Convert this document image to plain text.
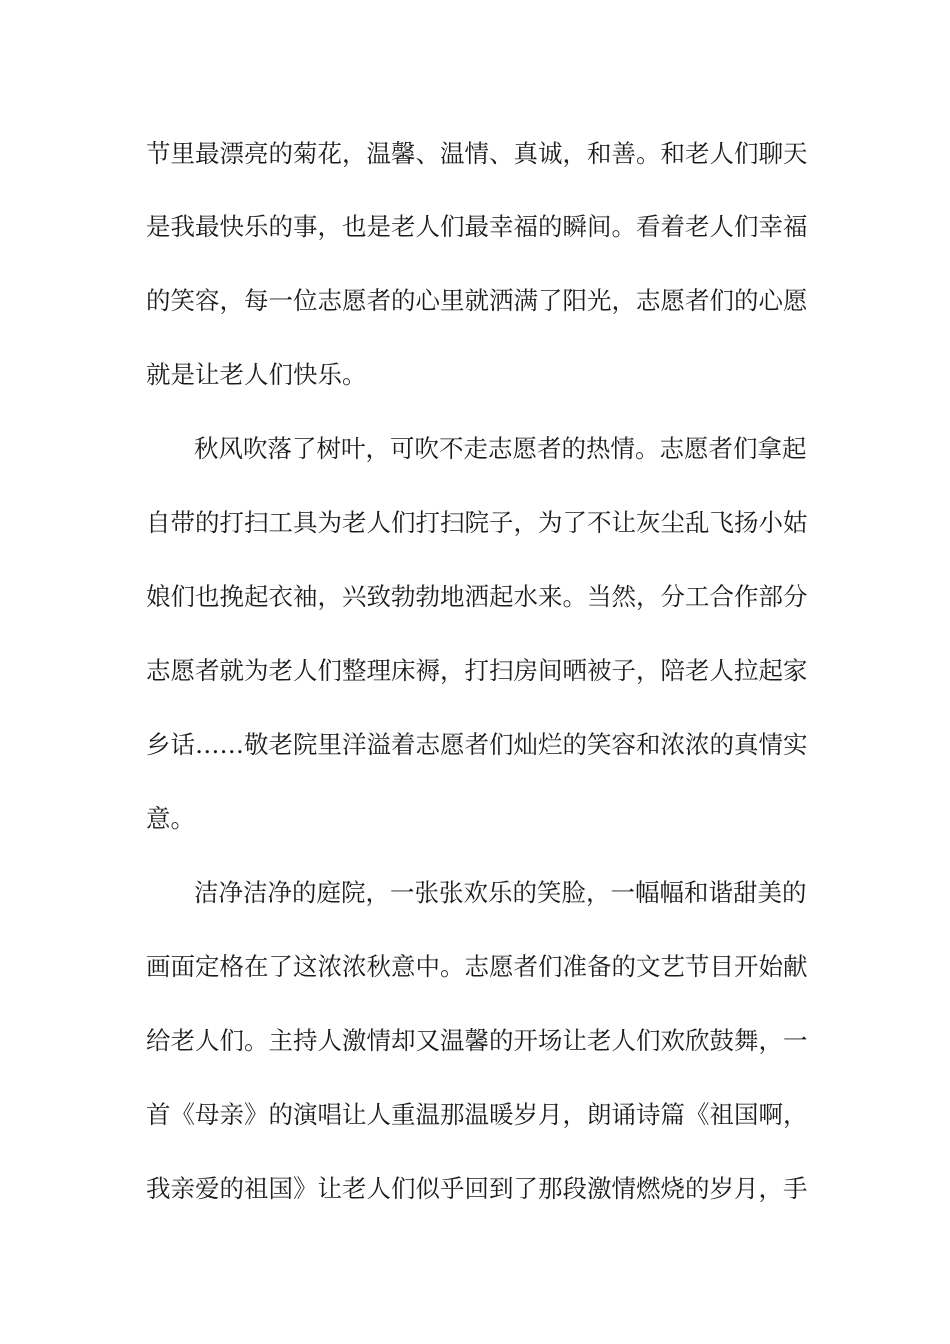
节里最漂亮的菊花，温馨、温情、真诚，和善。和老人们聊天
是我最快乐的事，也是老人们最幸福的瞬间。看着老人们幸福
的笑容，每一位志愿者的心里就洒满了阳光，志愿者们的心愿
就是让老人们快乐。
秋风吹落了树叶，可吹不走志愿者的热情。志愿者们拿起
自带的打扫工具为老人们打扫院子，为了不让灰尘乱飞扬小姑
娘们也挽起衣袖，兴致勃勃地洒起水来。当然，分工合作部分
志愿者就为老人们整理床褥，打扫房间晒被子，陪老人拉起家
乡话……敬老院里洋溢着志愿者们灿烂的笑容和浓浓的真情实
意。
洁净洁净的庭院，一张张欢乐的笑脸，一幅幅和谐甜美的
画面定格在了这浓浓秋意中。志愿者们准备的文艺节目开始献
给老人们。主持人激情却又温馨的开场让老人们欢欣鼓舞，一
首《母亲》的演唱让人重温那温暖岁月，朗诵诗篇《祖国啊，
我亲爱的祖国》让老人们似乎回到了那段激情燃烧的岁月，手
